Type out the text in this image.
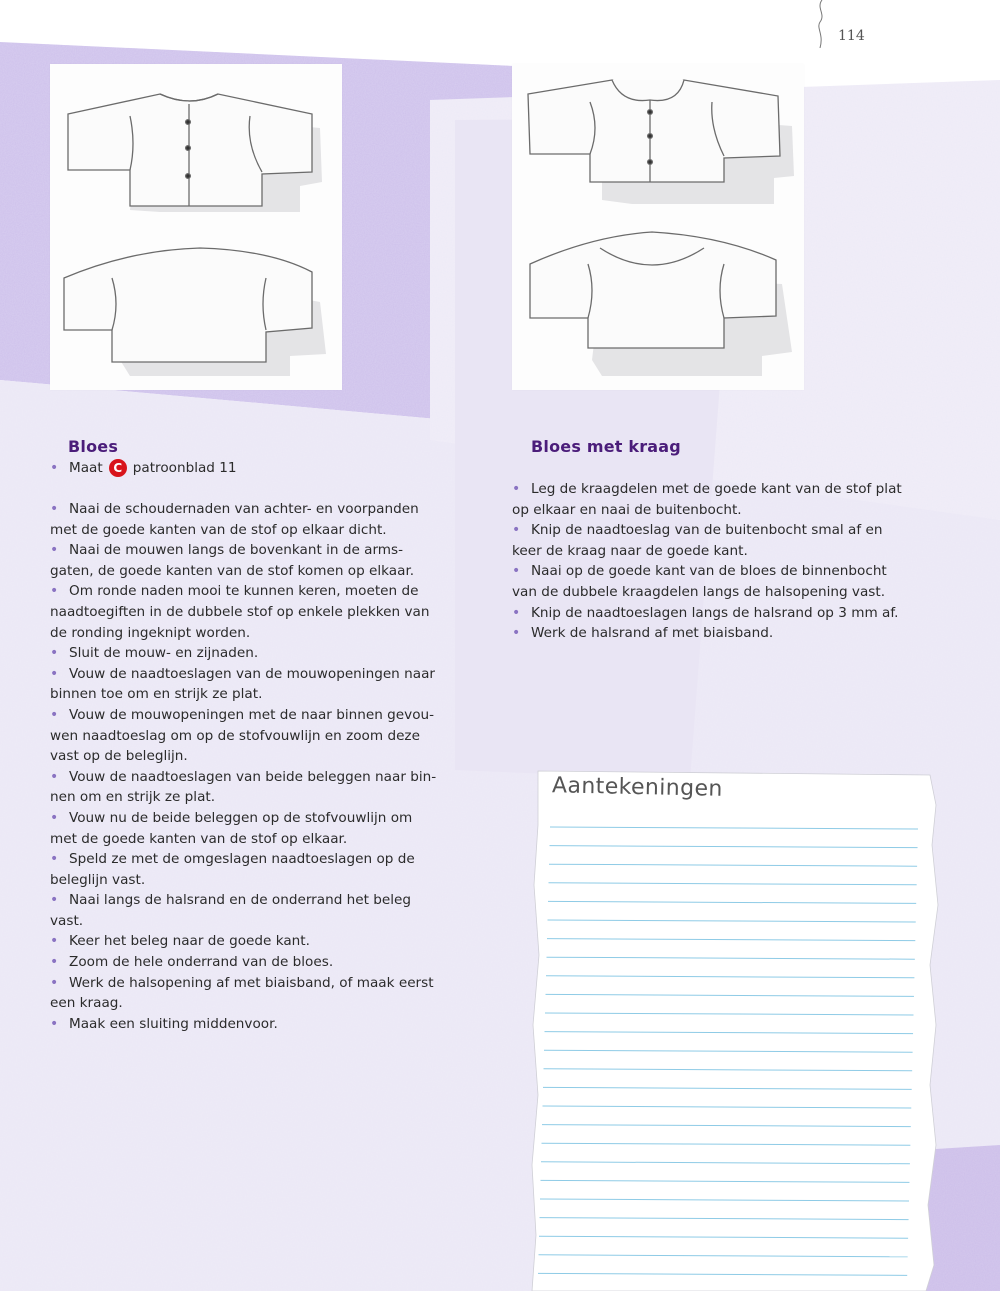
114
Bloes
• Maat C patroonblad 11
• Naai de schoudernaden van achter- en voorpanden
met de goede kanten van de stof op elkaar dicht.
• Naai de mouwen langs de bovenkant in de arms-
gaten, de goede kanten van de stof komen op elkaar.
• Om ronde naden mooi te kunnen keren, moeten de
naadtoegiften in de dubbele stof op enkele plekken van
de ronding ingeknipt worden.
• Sluit de mouw- en zijnaden.
• Vouw de naadtoeslagen van de mouwopeningen naar
binnen toe om en strijk ze plat.
• Vouw de mouwopeningen met de naar binnen gevou-
wen naadtoeslag om op de stofvouwlijn en zoom deze
vast op de beleglijn.
• Vouw de naadtoeslagen van beide beleggen naar bin-
nen om en strijk ze plat.
• Vouw nu de beide beleggen op de stofvouwlijn om
met de goede kanten van de stof op elkaar.
• Speld ze met de omgeslagen naadtoeslagen op de
beleglijn vast.
• Naai langs de halsrand en de onderrand het beleg
vast.
• Keer het beleg naar de goede kant.
• Zoom de hele onderrand van de bloes.
• Werk de halsopening af met biaisband, of maak eerst
een kraag.
• Maak een sluiting middenvoor.
Bloes met kraag
• Leg de kraagdelen met de goede kant van de stof plat
op elkaar en naai de buitenbocht.
• Knip de naadtoeslag van de buitenbocht smal af en
keer de kraag naar de goede kant.
• Naai op de goede kant van de bloes de binnenbocht
van de dubbele kraagdelen langs de halsopening vast.
• Knip de naadtoeslagen langs de halsrand op 3 mm af.
• Werk de halsrand af met biaisband.
Aantekeningen
